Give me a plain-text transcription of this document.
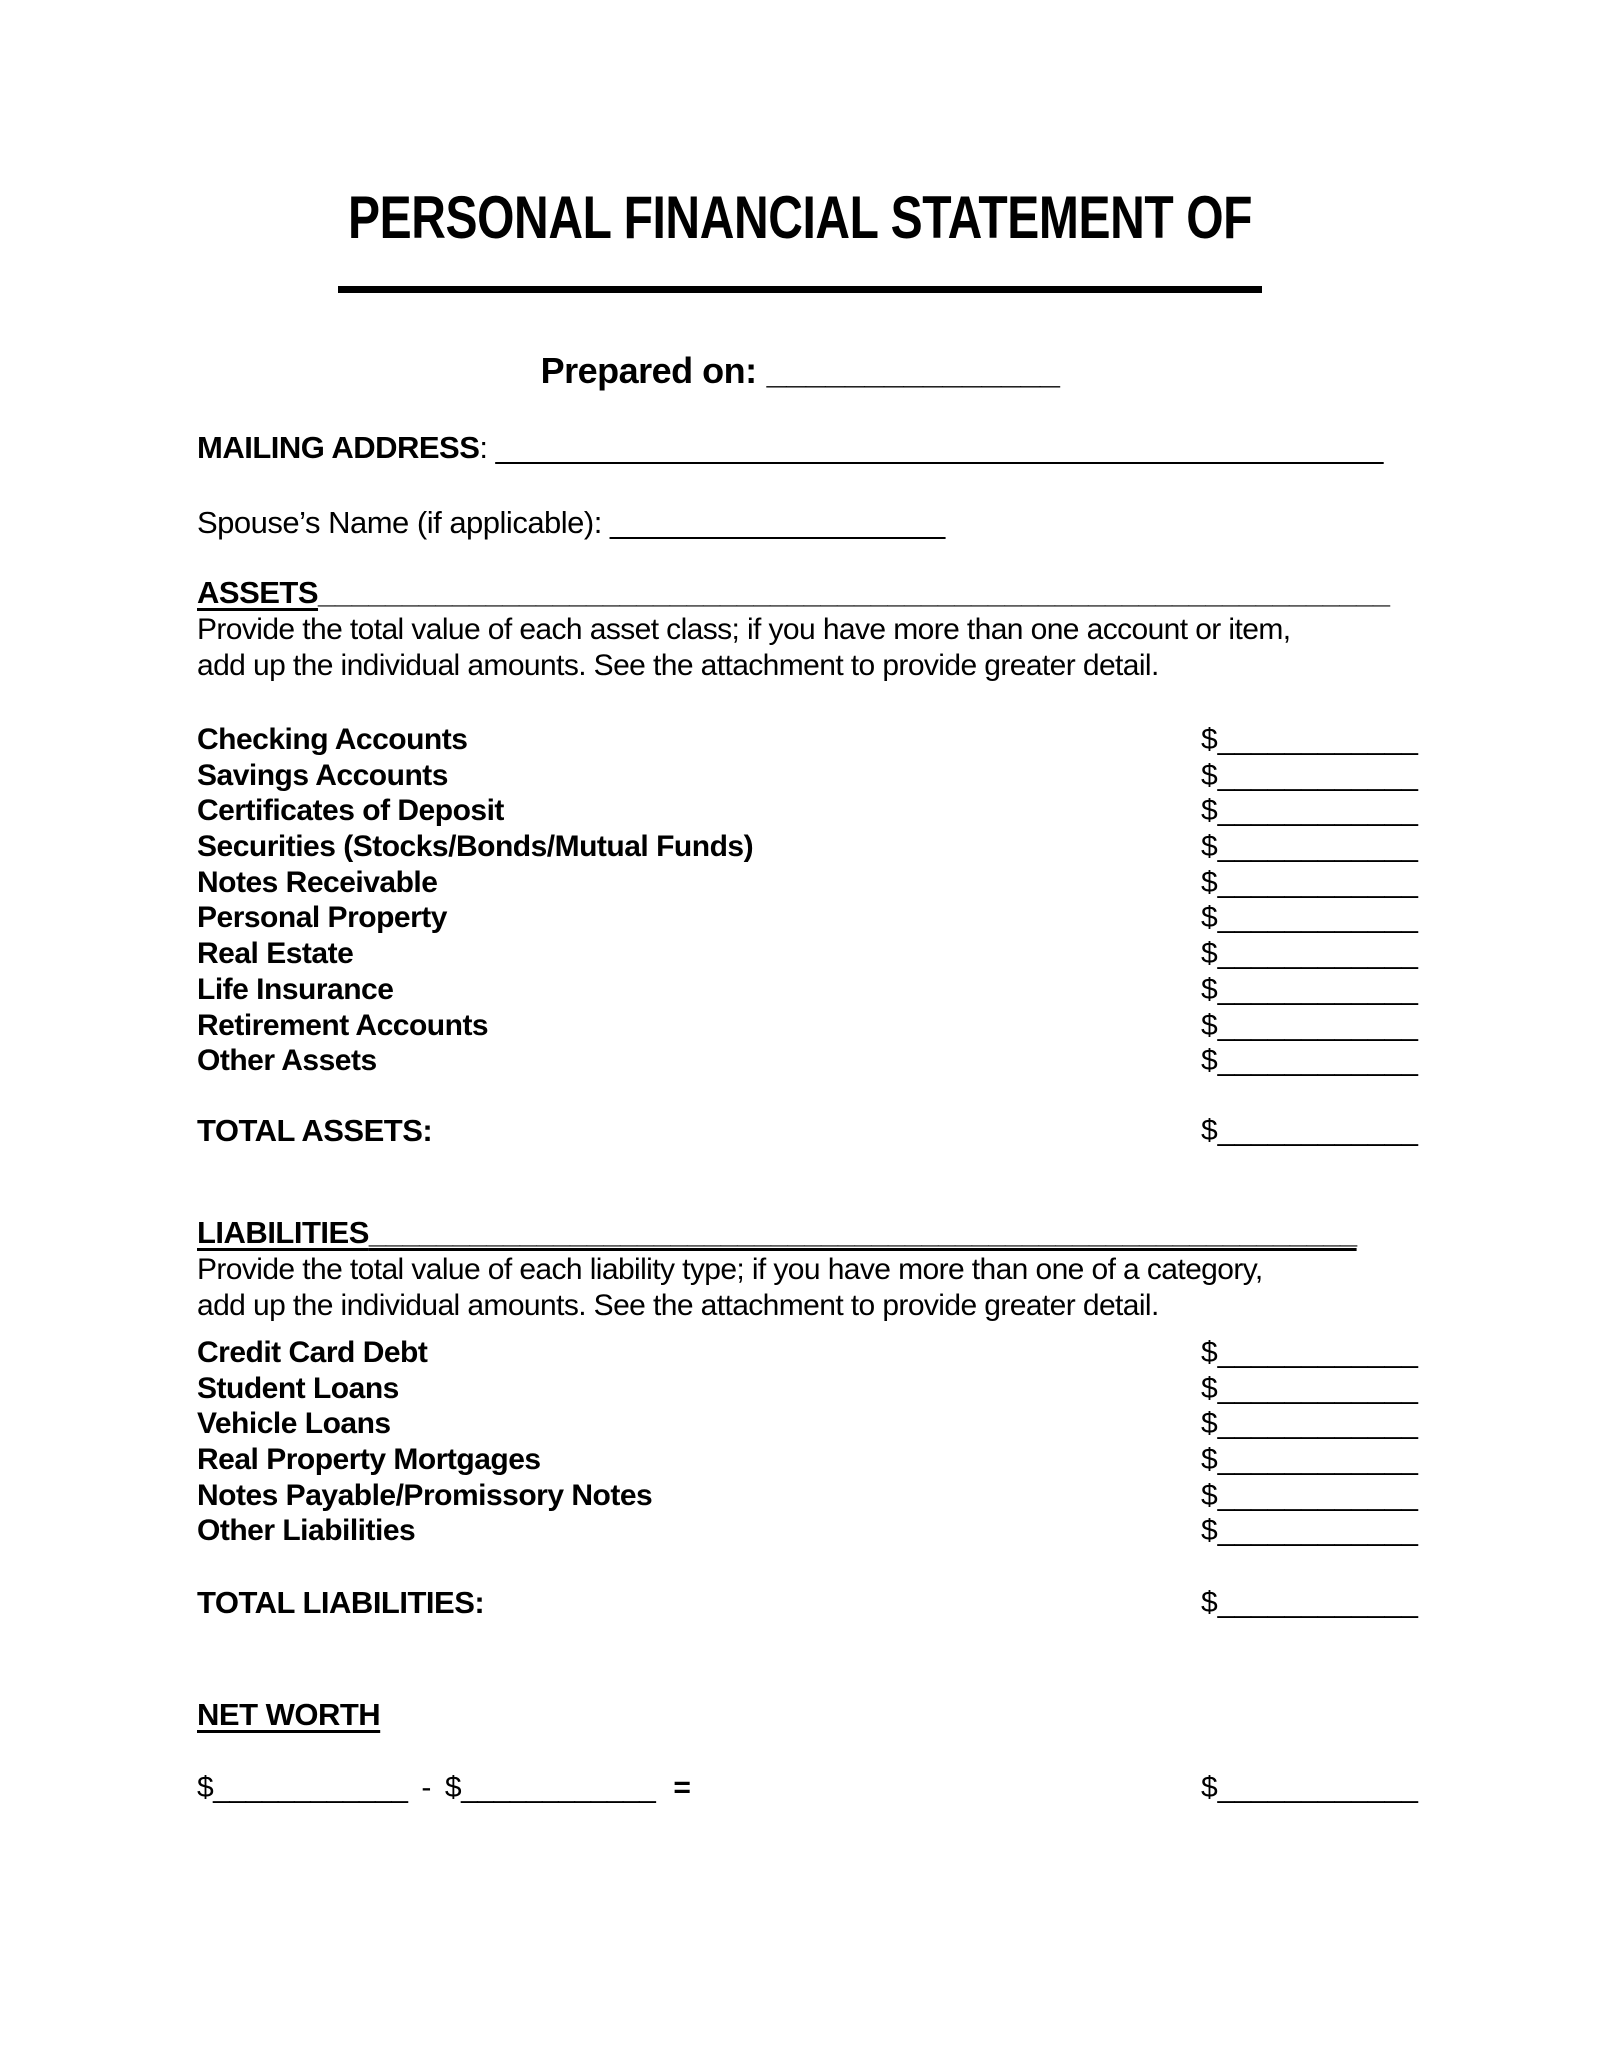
PERSONAL FINANCIAL STATEMENT OF
Prepared on: _______________
MAILING ADDRESS: _____________________________________________________
Spouse’s Name (if applicable): ____________________
ASSETS________________________________________________________________
Provide the total value of each asset class; if you have more than one account or item,
add up the individual amounts. See the attachment to provide greater detail.
Checking Accounts	$____________
Savings Accounts	$____________
Certificates of Deposit	$____________
Securities (Stocks/Bonds/Mutual Funds)	$____________
Notes Receivable	$____________
Personal Property	$____________
Real Estate	$____________
Life Insurance	$____________
Retirement Accounts	$____________
Other Assets	$____________
TOTAL ASSETS:	$____________
LIABILITIES___________________________________________________________
Provide the total value of each liability type; if you have more than one of a category,
add up the individual amounts. See the attachment to provide greater detail.
Credit Card Debt	$____________
Student Loans	$____________
Vehicle Loans	$____________
Real Property Mortgages	$____________
Notes Payable/Promissory Notes	$____________
Other Liabilities	$____________
TOTAL LIABILITIES:	$____________
NET WORTH
$____________ - $____________ =	$____________
